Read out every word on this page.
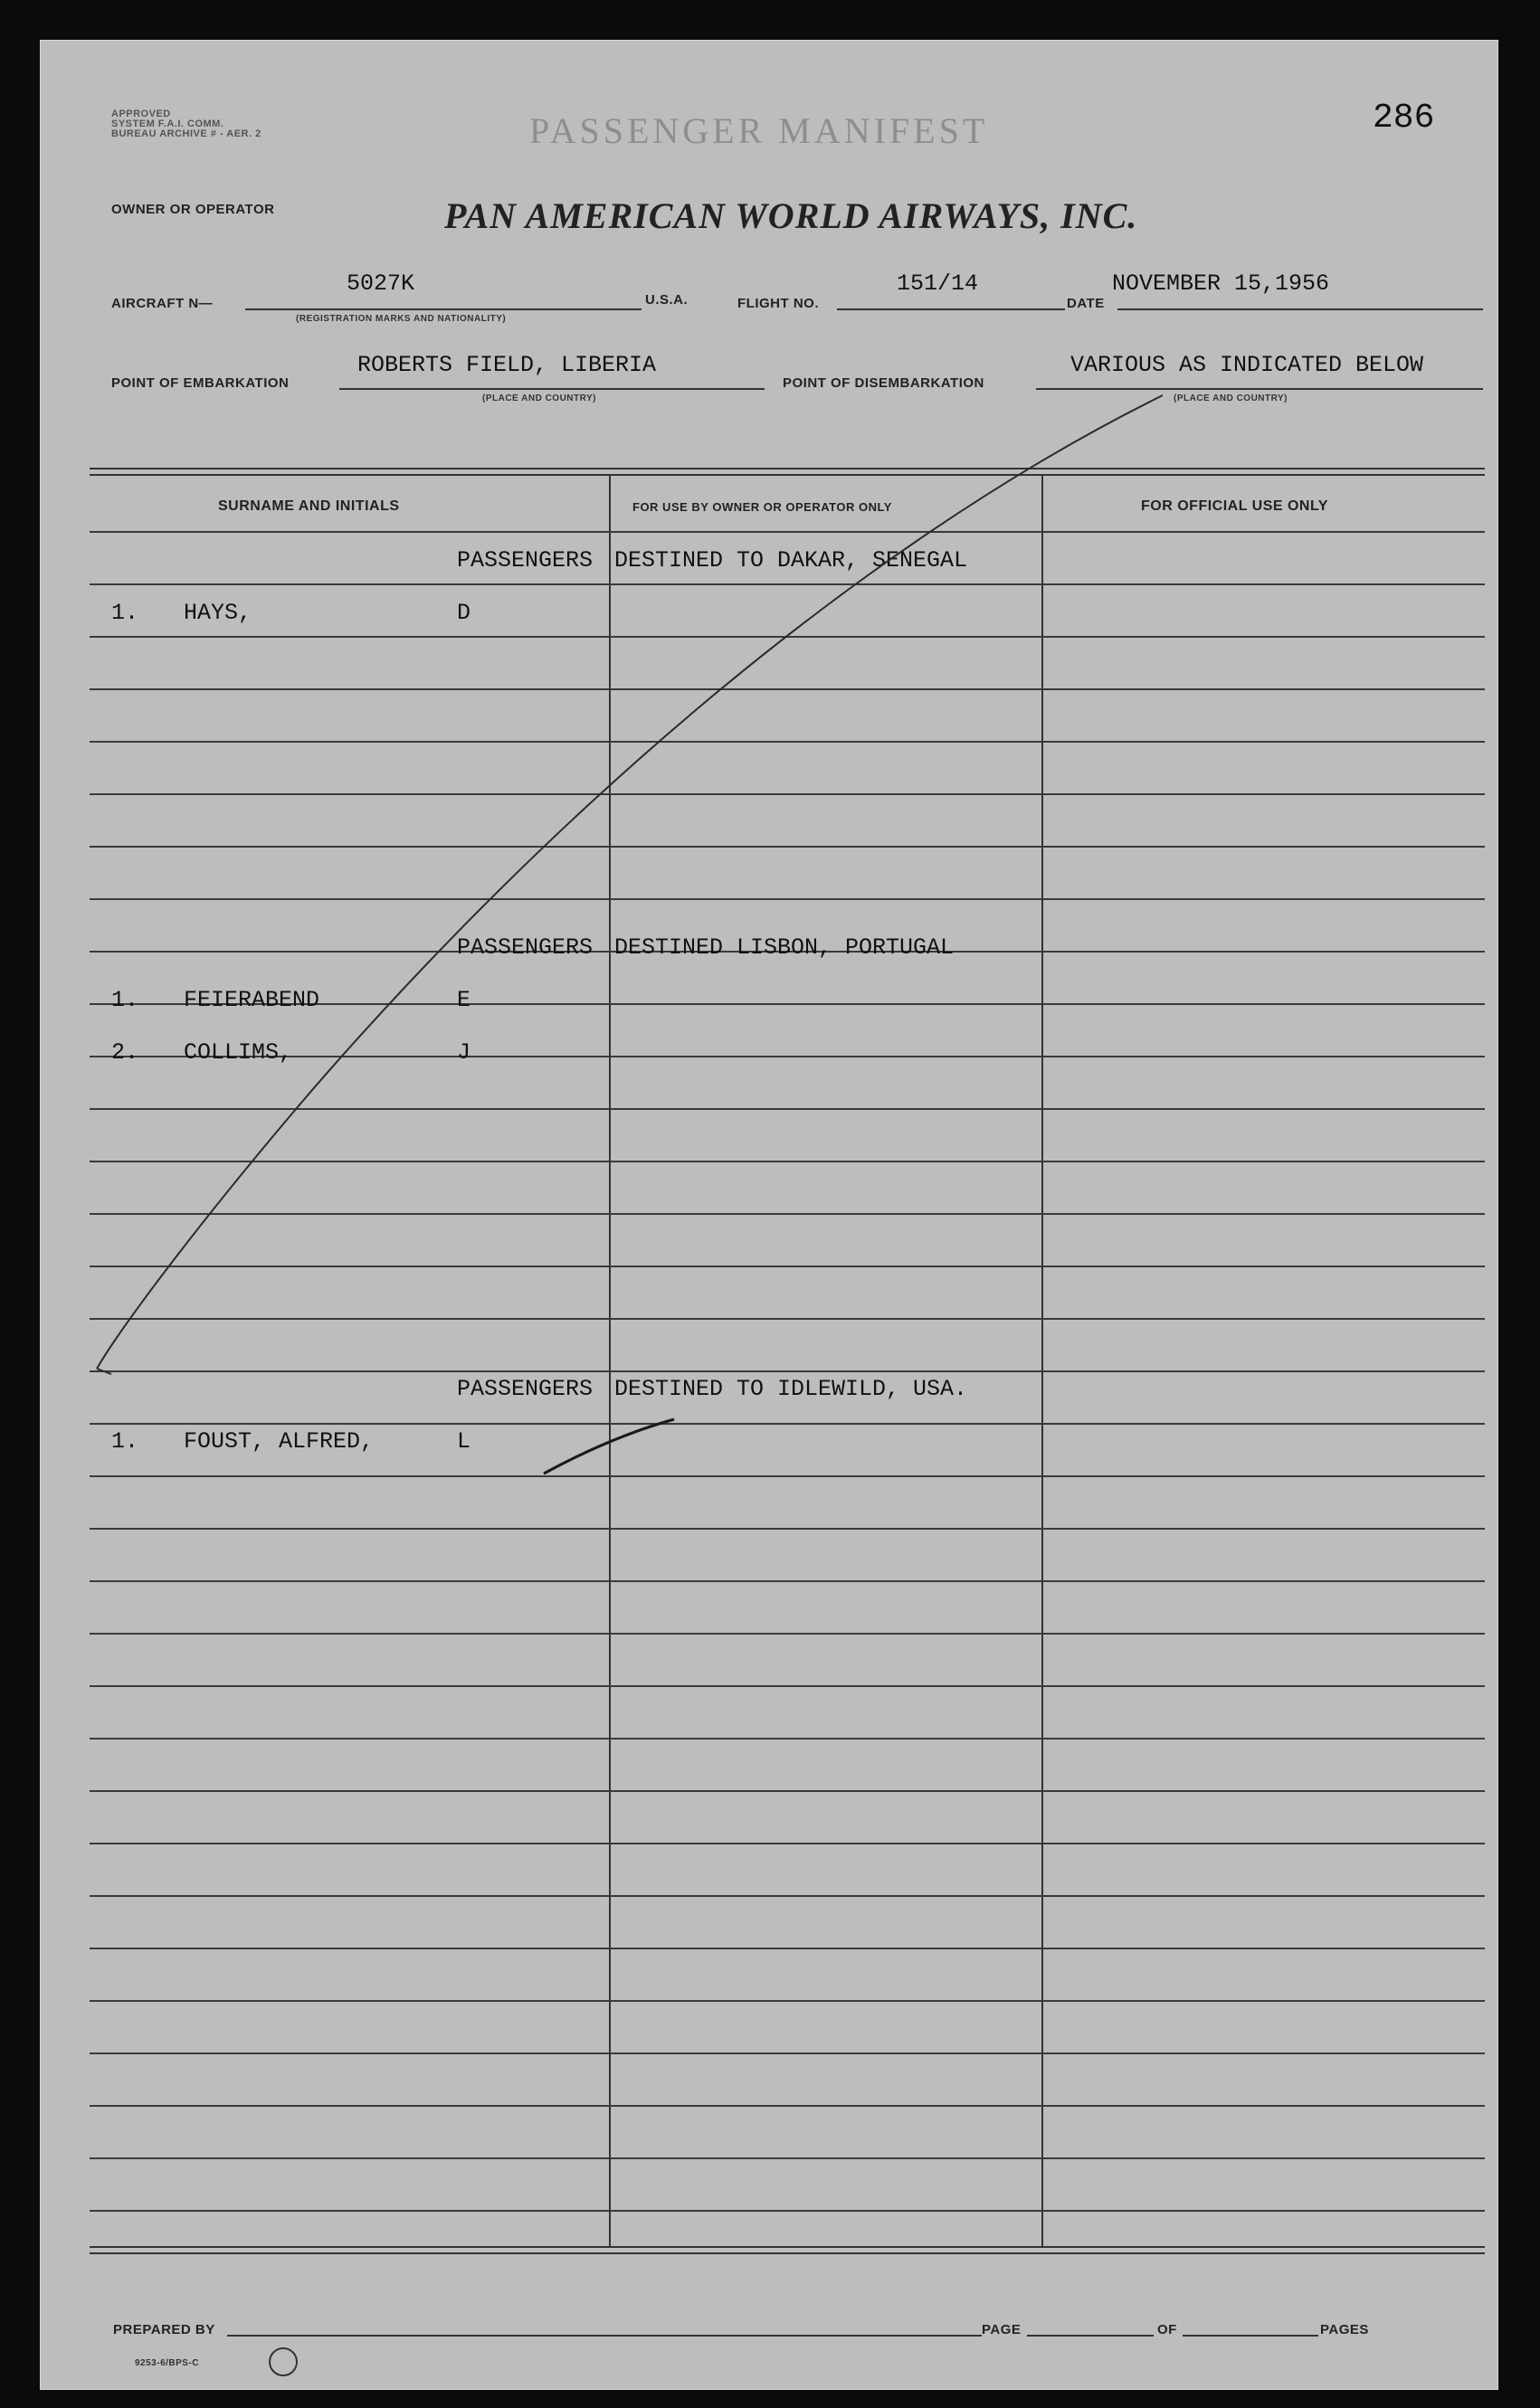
APPROVED
SYSTEM F.A.I. COMM.
BUREAU ARCHIVE # - AER. 2	PASSENGER MANIFEST	286
OWNER OR OPERATOR	PAN AMERICAN WORLD AIRWAYS, INC.
AIRCRAFT N—
5027K
(REGISTRATION MARKS AND NATIONALITY)
U.S.A.	FLIGHT NO.
151/14
DATE
NOVEMBER 15,1956
POINT OF EMBARKATION
ROBERTS FIELD, LIBERIA
(PLACE AND COUNTRY)
POINT OF DISEMBARKATION
VARIOUS AS INDICATED BELOW
(PLACE AND COUNTRY)
SURNAME AND INITIALS	FOR USE BY OWNER OR OPERATOR ONLY	FOR OFFICIAL USE ONLY
PASSENGERS DESTINED TO DAKAR, SENEGAL
1. HAYS,	D
PASSENGERS DESTINED LISBON, PORTUGAL
1. FEIERABEND	E
2. COLLIMS,	J
PASSENGERS DESTINED TO IDLEWILD, USA.
1. FOUST, ALFRED,	L
PREPARED BY	PAGE	OF	PAGES
9253-6/BPS-C
